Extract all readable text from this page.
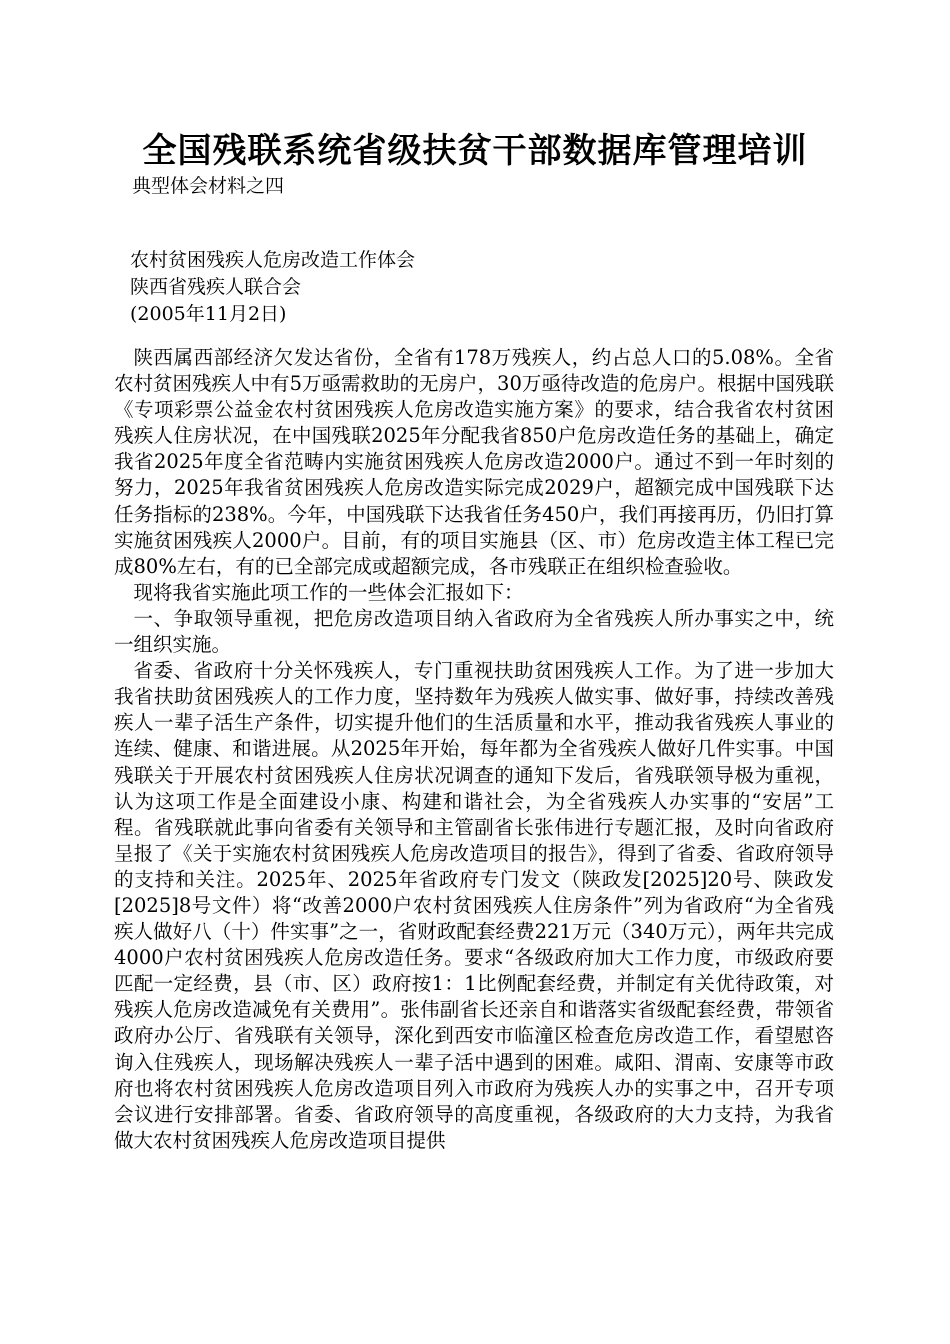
全国残联系统省级扶贫干部数据库管理培训
典型体会材料之四
农村贫困残疾人危房改造工作体会
陕西省残疾人联合会
(2005年11月2日)

陕西属西部经济欠发达省份，全省有178万残疾人，约占总人口的5.08%。全省农村贫困残疾人中有5万亟需救助的无房户，30万亟待改造的危房户。根据中国残联《专项彩票公益金农村贫困残疾人危房改造实施方案》的要求，结合我省农村贫困残疾人住房状况，在中国残联2025年分配我省850户危房改造任务的基础上，确定我省2025年度全省范畴内实施贫困残疾人危房改造2000户。通过不到一年时刻的努力，2025年我省贫困残疾人危房改造实际完成2029户，超额完成中国残联下达任务指标的238%。今年，中国残联下达我省任务450户，我们再接再历，仍旧打算实施贫困残疾人2000户。目前，有的项目实施县（区、市）危房改造主体工程已完成80%左右，有的已全部完成或超额完成，各市残联正在组织检查验收。

现将我省实施此项工作的一些体会汇报如下：

一、争取领导重视，把危房改造项目纳入省政府为全省残疾人所办事实之中，统一组织实施。

省委、省政府十分关怀残疾人，专门重视扶助贫困残疾人工作。为了进一步加大我省扶助贫困残疾人的工作力度，坚持数年为残疾人做实事、做好事，持续改善残疾人一辈子活生产条件，切实提升他们的生活质量和水平，推动我省残疾人事业的连续、健康、和谐进展。从2025年开始，每年都为全省残疾人做好几件实事。中国残联关于开展农村贫困残疾人住房状况调查的通知下发后，省残联领导极为重视，认为这项工作是全面建设小康、构建和谐社会，为全省残疾人办实事的“安居”工程。省残联就此事向省委有关领导和主管副省长张伟进行专题汇报，及时向省政府呈报了《关于实施农村贫困残疾人危房改造项目的报告》，得到了省委、省政府领导的支持和关注。2025年、2025年省政府专门发文（陕政发[2025]20号、陕政发[2025]8号文件）将“改善2000户农村贫困残疾人住房条件”列为省政府“为全省残疾人做好八（十）件实事”之一，省财政配套经费221万元（340万元），两年共完成4000户农村贫困残疾人危房改造任务。要求“各级政府加大工作力度，市级政府要匹配一定经费，县（市、区）政府按1：1比例配套经费，并制定有关优待政策，对残疾人危房改造减免有关费用”。张伟副省长还亲自和谐落实省级配套经费，带领省政府办公厅、省残联有关领导，深化到西安市临潼区检查危房改造工作，看望慰咨询入住残疾人，现场解决残疾人一辈子活中遇到的困难。咸阳、渭南、安康等市政府也将农村贫困残疾人危房改造项目列入市政府为残疾人办的实事之中，召开专项会议进行安排部署。省委、省政府领导的高度重视，各级政府的大力支持，为我省做大农村贫困残疾人危房改造项目提供
